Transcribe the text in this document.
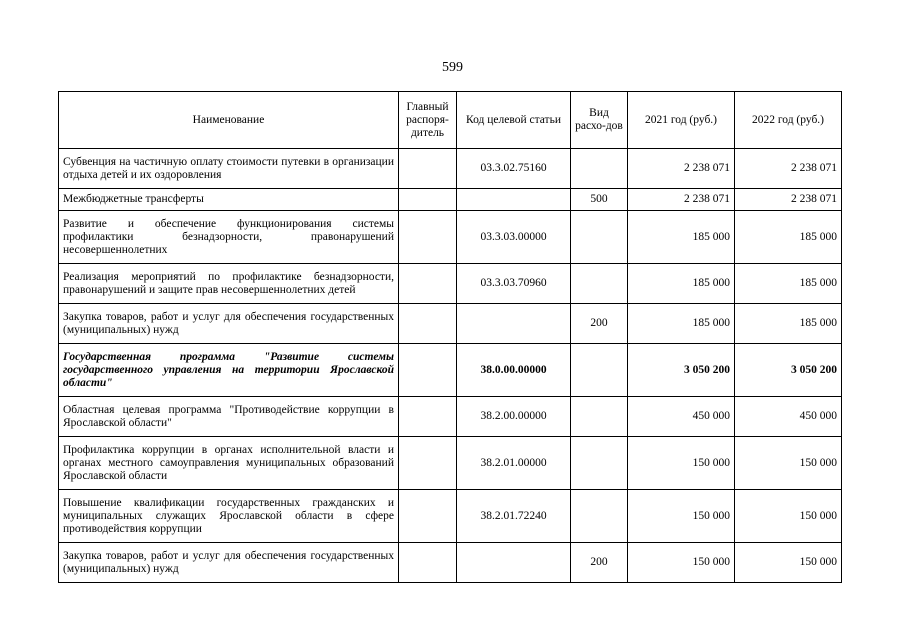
599
Наименование	Главный распоря-дитель	Код целевой статьи	Вид расхо-дов	2021 год (руб.)	2022 год (руб.)
Субвенция на частичную оплату стоимости путевки в организации отдыха детей и их оздоровления		03.3.02.75160		2 238 071	2 238 071
Межбюджетные трансферты			500	2 238 071	2 238 071
Развитие и обеспечение функционирования системы профилактики безнадзорности, правонарушений несовершеннолетних		03.3.03.00000		185 000	185 000
Реализация мероприятий по профилактике безнадзорности, правонарушений и защите прав несовершеннолетних детей		03.3.03.70960		185 000	185 000
Закупка товаров, работ и услуг для обеспечения государственных (муниципальных) нужд			200	185 000	185 000
Государственная программа "Развитие системы государственного управления на территории Ярославской области"		38.0.00.00000		3 050 200	3 050 200
Областная целевая программа "Противодействие коррупции в Ярославской области"		38.2.00.00000		450 000	450 000
Профилактика коррупции в органах исполнительной власти и органах местного самоуправления муниципальных образований Ярославской области		38.2.01.00000		150 000	150 000
Повышение квалификации государственных гражданских и муниципальных служащих Ярославской области в сфере противодействия коррупции		38.2.01.72240		150 000	150 000
Закупка товаров, работ и услуг для обеспечения государственных (муниципальных) нужд			200	150 000	150 000
